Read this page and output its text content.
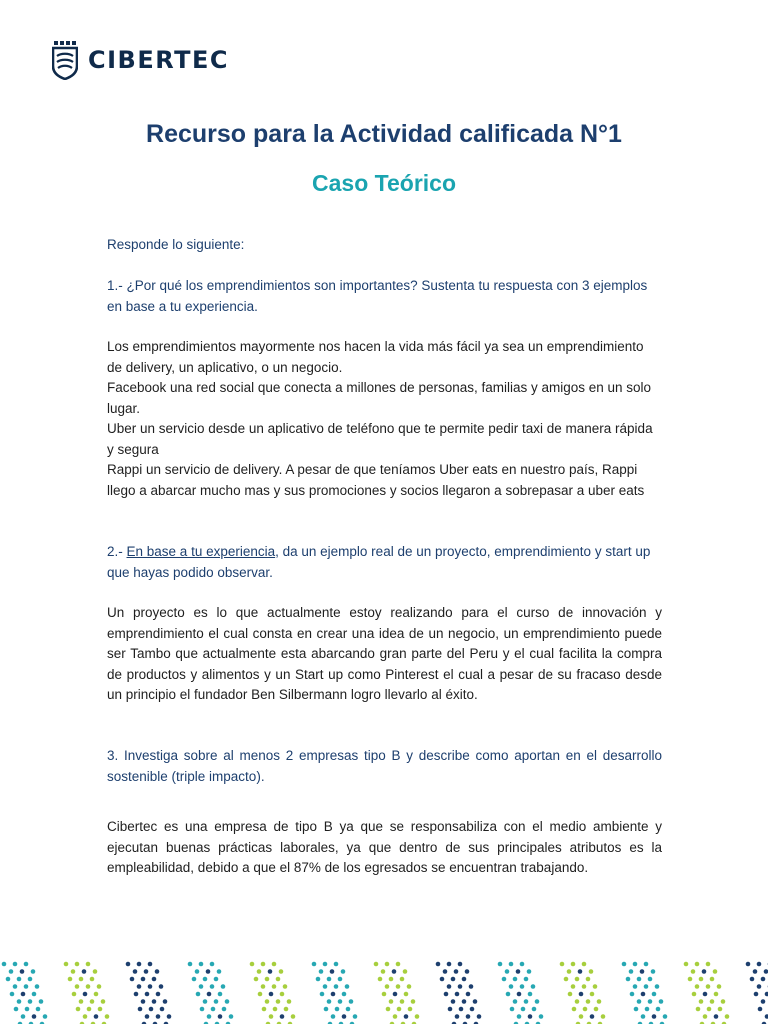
CIBERTEC
Recurso para la Actividad calificada N°1
Caso Teórico

Responde lo siguiente:

1.- ¿Por qué los emprendimientos son importantes? Sustenta tu respuesta con 3 ejemplos en base a tu experiencia.

Los emprendimientos mayormente nos hacen la vida más fácil ya sea un emprendimiento de delivery, un aplicativo, o un negocio.
Facebook una red social que conecta a millones de personas, familias y amigos en un solo lugar.
Uber un servicio desde un aplicativo de teléfono que te permite pedir taxi de manera rápida y segura
Rappi un servicio de delivery. A pesar de que teníamos Uber eats en nuestro país, Rappi llego a abarcar mucho mas y sus promociones y socios llegaron a sobrepasar a uber eats

2.- En base a tu experiencia, da un ejemplo real de un proyecto, emprendimiento y start up que hayas podido observar.

Un proyecto es lo que actualmente estoy realizando para el curso de innovación y emprendimiento el cual consta en crear una idea de un negocio, un emprendimiento puede ser Tambo que actualmente esta abarcando gran parte del Peru y el cual facilita la compra de productos y alimentos y un Start up como Pinterest el cual a pesar de su fracaso desde un principio el fundador Ben Silbermann logro llevarlo al éxito.

3. Investiga sobre al menos 2 empresas tipo B y describe como aportan en el desarrollo sostenible (triple impacto).

Cibertec es una empresa de tipo B ya que se responsabiliza con el medio ambiente y ejecutan buenas prácticas laborales, ya que dentro de sus principales atributos es la empleabilidad, debido a que el 87% de los egresados se encuentran trabajando.
